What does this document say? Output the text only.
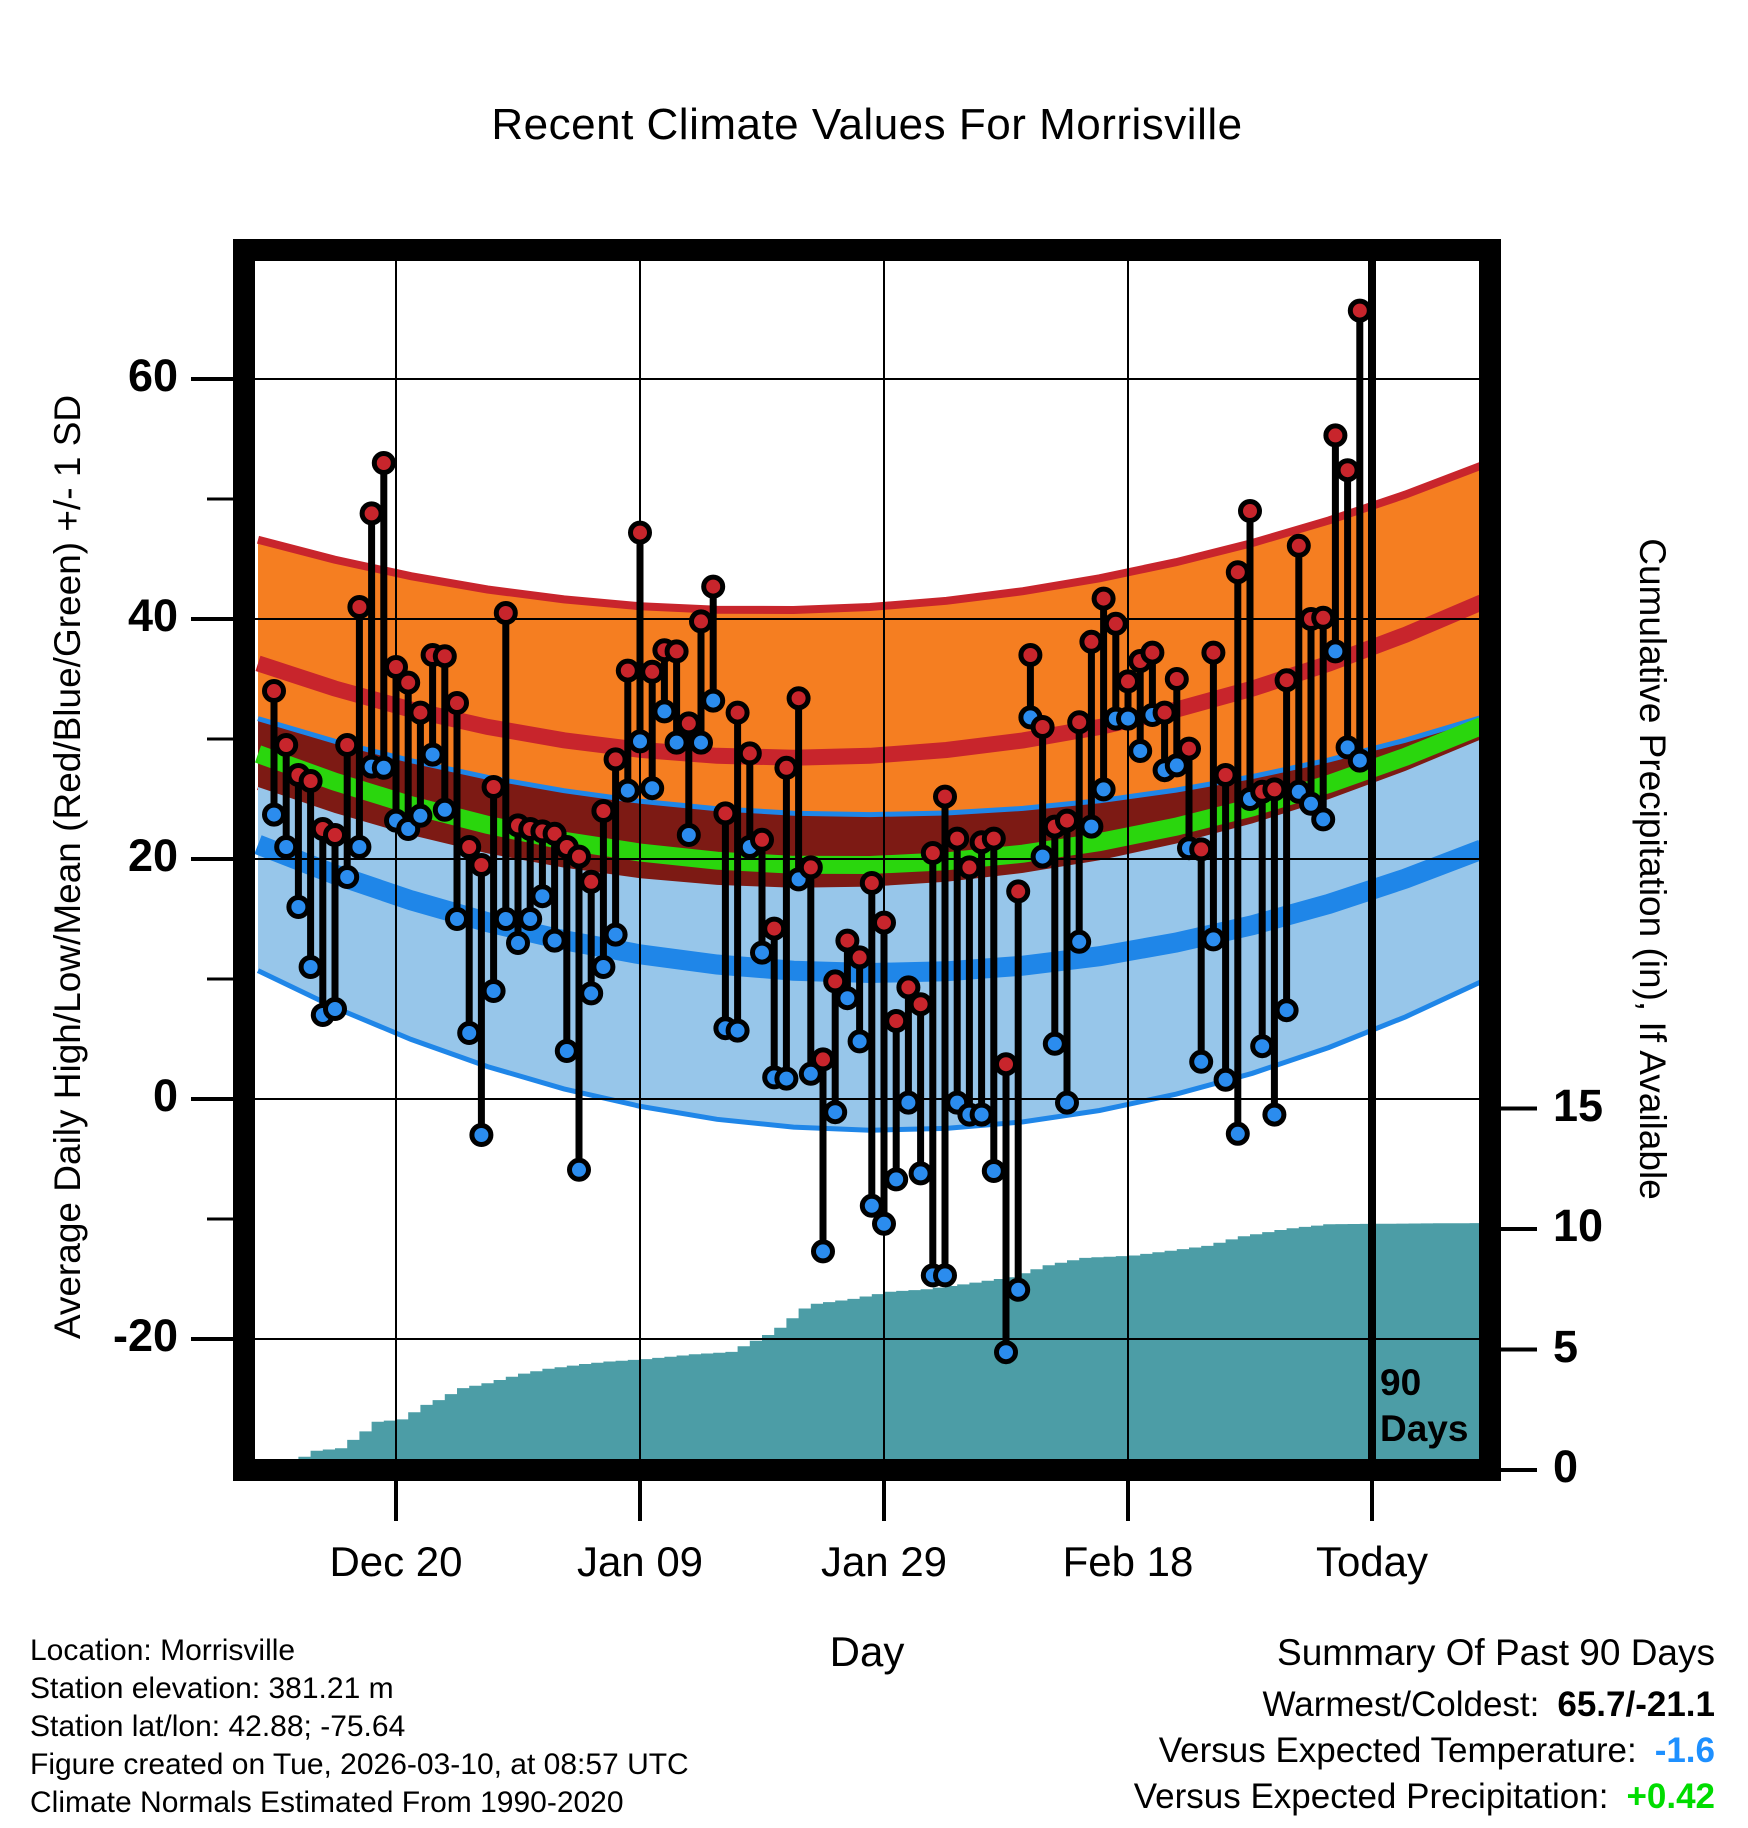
Recent Climate Values For Morrisville
Average Daily High/Low/Mean (Red/Blue/Green) +/- 1 SD	Cumulative Precipitation (in), If Available
Day
90
Days
Location: Morrisville
Station elevation: 381.21 m
Station lat/lon: 42.88; -75.64
Figure created on Tue, 2026-03-10, at 08:57 UTC
Climate Normals Estimated From 1990-2020
Summary Of Past 90 Days
Warmest/Coldest: 65.7/-21.1
Versus Expected Temperature: -1.6
Versus Expected Precipitation: +0.42
60
40
20
0
-20
15
10
5
0
Dec 20	Jan 09	Jan 29	Feb 18	Today
